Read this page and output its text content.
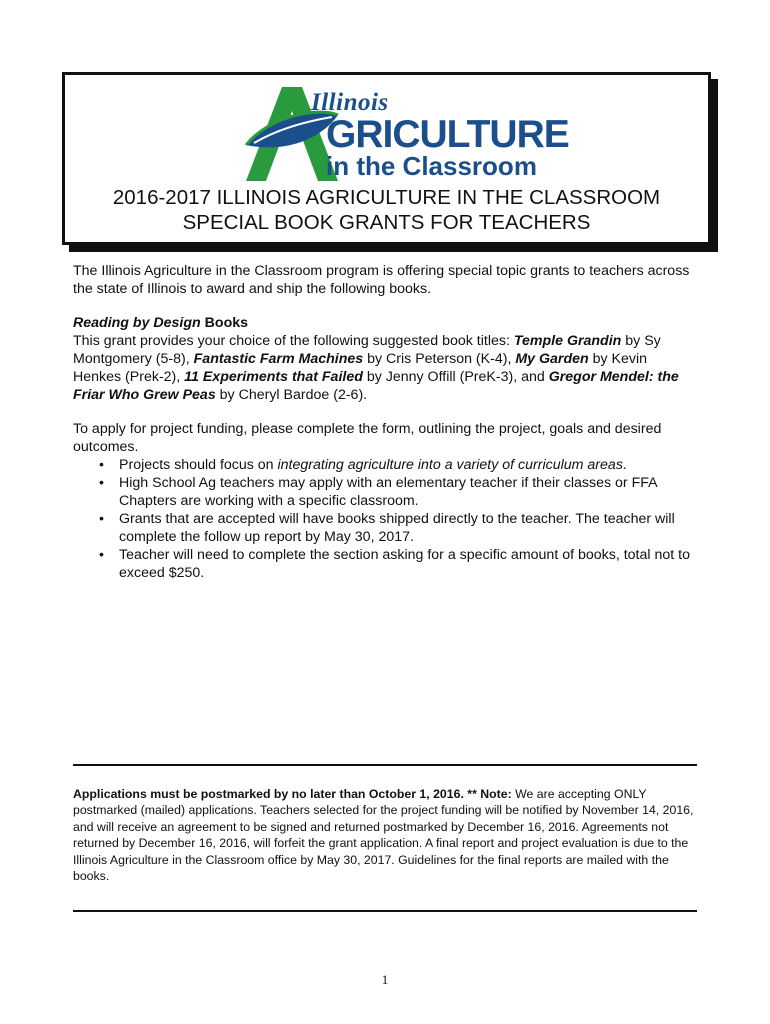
Illinois
GRICULTURE
in the Classroom
2016-2017 ILLINOIS AGRICULTURE IN THE CLASSROOM
SPECIAL BOOK GRANTS FOR TEACHERS

The Illinois Agriculture in the Classroom program is offering special topic grants to teachers across the state of Illinois to award and ship the following books.

Reading by Design Books
This grant provides your choice of the following suggested book titles: Temple Grandin by Sy Montgomery (5-8), Fantastic Farm Machines by Cris Peterson (K-4), My Garden by Kevin Henkes (Prek-2), 11 Experiments that Failed by Jenny Offill (PreK-3), and Gregor Mendel: the Friar Who Grew Peas by Cheryl Bardoe (2-6).

To apply for project funding, please complete the form, outlining the project, goals and desired outcomes.
• Projects should focus on integrating agriculture into a variety of curriculum areas.
• High School Ag teachers may apply with an elementary teacher if their classes or FFA Chapters are working with a specific classroom.
• Grants that are accepted will have books shipped directly to the teacher. The teacher will complete the follow up report by May 30, 2017.
• Teacher will need to complete the section asking for a specific amount of books, total not to exceed $250.
Applications must be postmarked by no later than October 1, 2016. ** Note: We are accepting ONLY postmarked (mailed) applications. Teachers selected for the project funding will be notified by November 14, 2016, and will receive an agreement to be signed and returned postmarked by December 16, 2016. Agreements not returned by December 16, 2016, will forfeit the grant application. A final report and project evaluation is due to the Illinois Agriculture in the Classroom office by May 30, 2017. Guidelines for the final reports are mailed with the books.
1
